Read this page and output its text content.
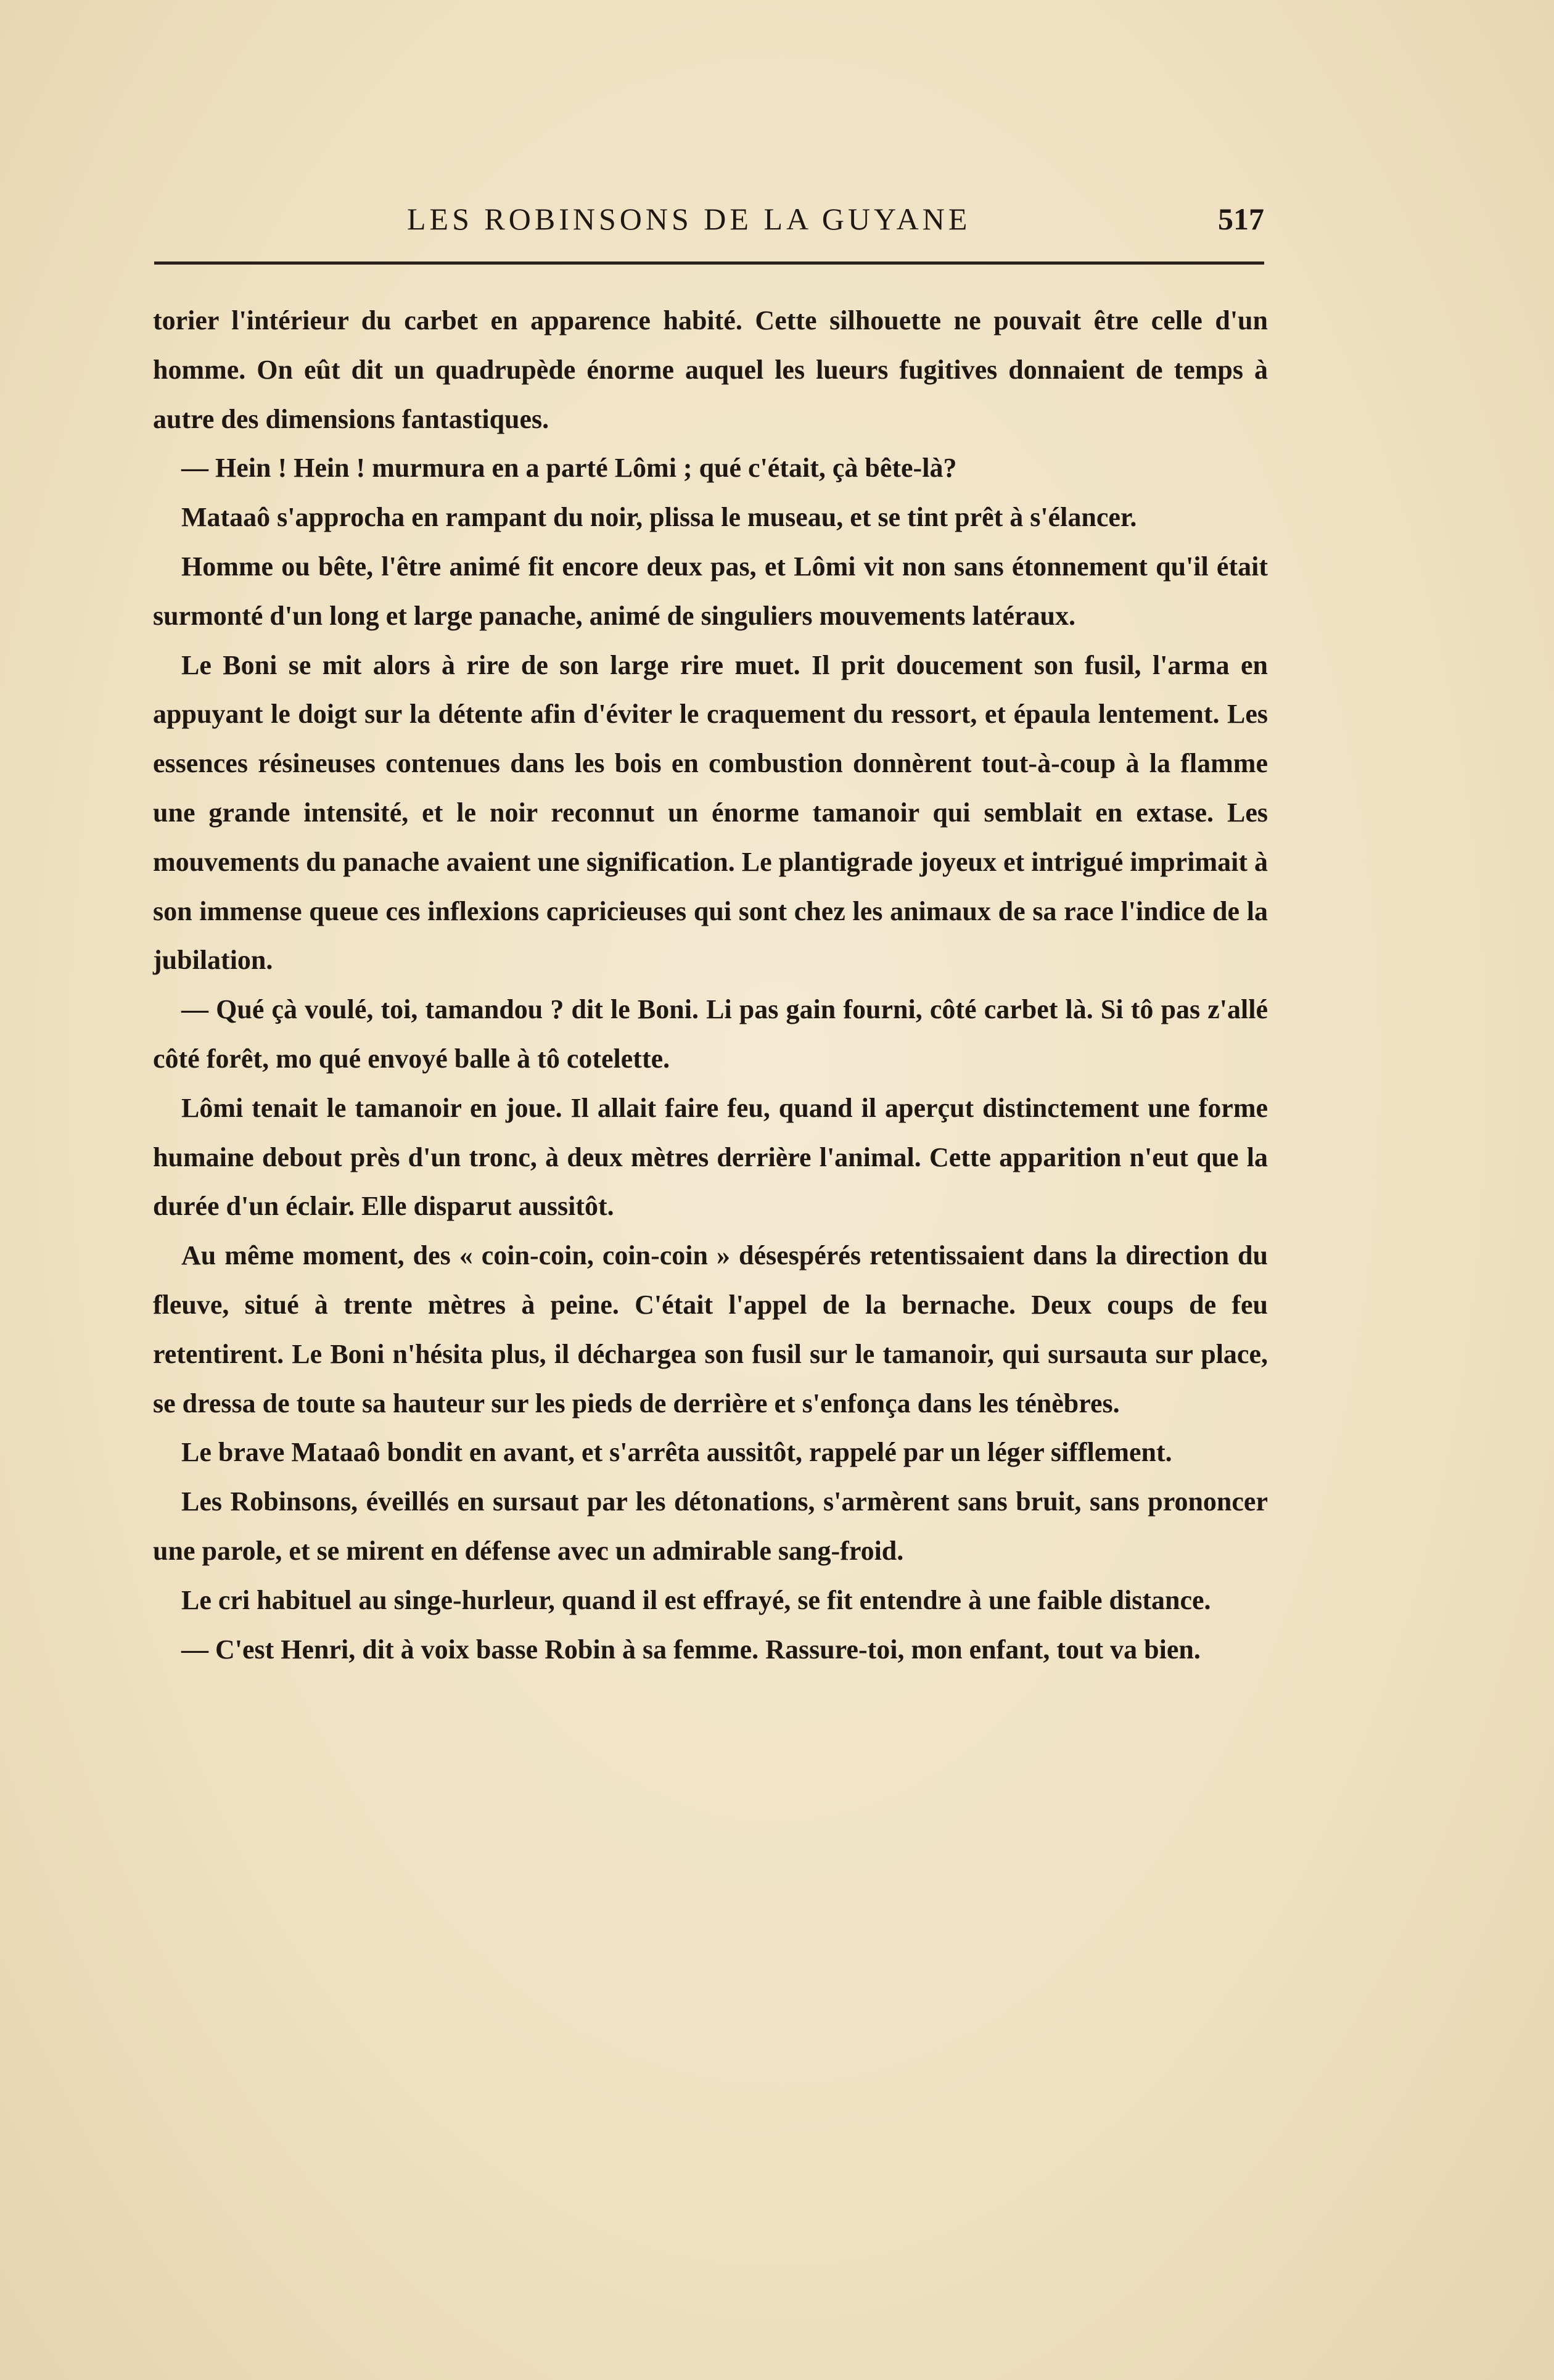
LES ROBINSONS DE LA GUYANE	517

torier l'intérieur du carbet en apparence habité. Cette silhouette ne pouvait être celle d'un homme. On eût dit un quadrupède énorme auquel les lueurs fugitives donnaient de temps à autre des dimensions fantastiques.

— Hein ! Hein ! murmura en a parté Lômi ; qué c'était, çà bête-là?

Mataaô s'approcha en rampant du noir, plissa le museau, et se tint prêt à s'élancer.

Homme ou bête, l'être animé fit encore deux pas, et Lômi vit non sans étonnement qu'il était surmonté d'un long et large panache, animé de singuliers mouvements latéraux.

Le Boni se mit alors à rire de son large rire muet. Il prit doucement son fusil, l'arma en appuyant le doigt sur la détente afin d'éviter le craquement du ressort, et épaula lentement. Les essences résineuses contenues dans les bois en combustion donnèrent tout-à-coup à la flamme une grande intensité, et le noir reconnut un énorme tamanoir qui semblait en extase. Les mouvements du panache avaient une signification. Le plantigrade joyeux et intrigué imprimait à son immense queue ces inflexions capricieuses qui sont chez les animaux de sa race l'indice de la jubilation.

— Qué çà voulé, toi, tamandou ? dit le Boni. Li pas gain fourni, côté carbet là. Si tô pas z'allé côté forêt, mo qué envoyé balle à tô cotelette.

Lômi tenait le tamanoir en joue. Il allait faire feu, quand il aperçut distinctement une forme humaine debout près d'un tronc, à deux mètres derrière l'animal. Cette apparition n'eut que la durée d'un éclair. Elle disparut aussitôt.

Au même moment, des « coin-coin, coin-coin » désespérés retentissaient dans la direction du fleuve, situé à trente mètres à peine. C'était l'appel de la bernache. Deux coups de feu retentirent. Le Boni n'hésita plus, il déchargea son fusil sur le tamanoir, qui sursauta sur place, se dressa de toute sa hauteur sur les pieds de derrière et s'enfonça dans les ténèbres.

Le brave Mataaô bondit en avant, et s'arrêta aussitôt, rappelé par un léger sifflement.

Les Robinsons, éveillés en sursaut par les détonations, s'armèrent sans bruit, sans prononcer une parole, et se mirent en défense avec un admirable sang-froid.

Le cri habituel au singe-hurleur, quand il est effrayé, se fit entendre à une faible distance.

— C'est Henri, dit à voix basse Robin à sa femme. Rassure-toi, mon enfant, tout va bien.
